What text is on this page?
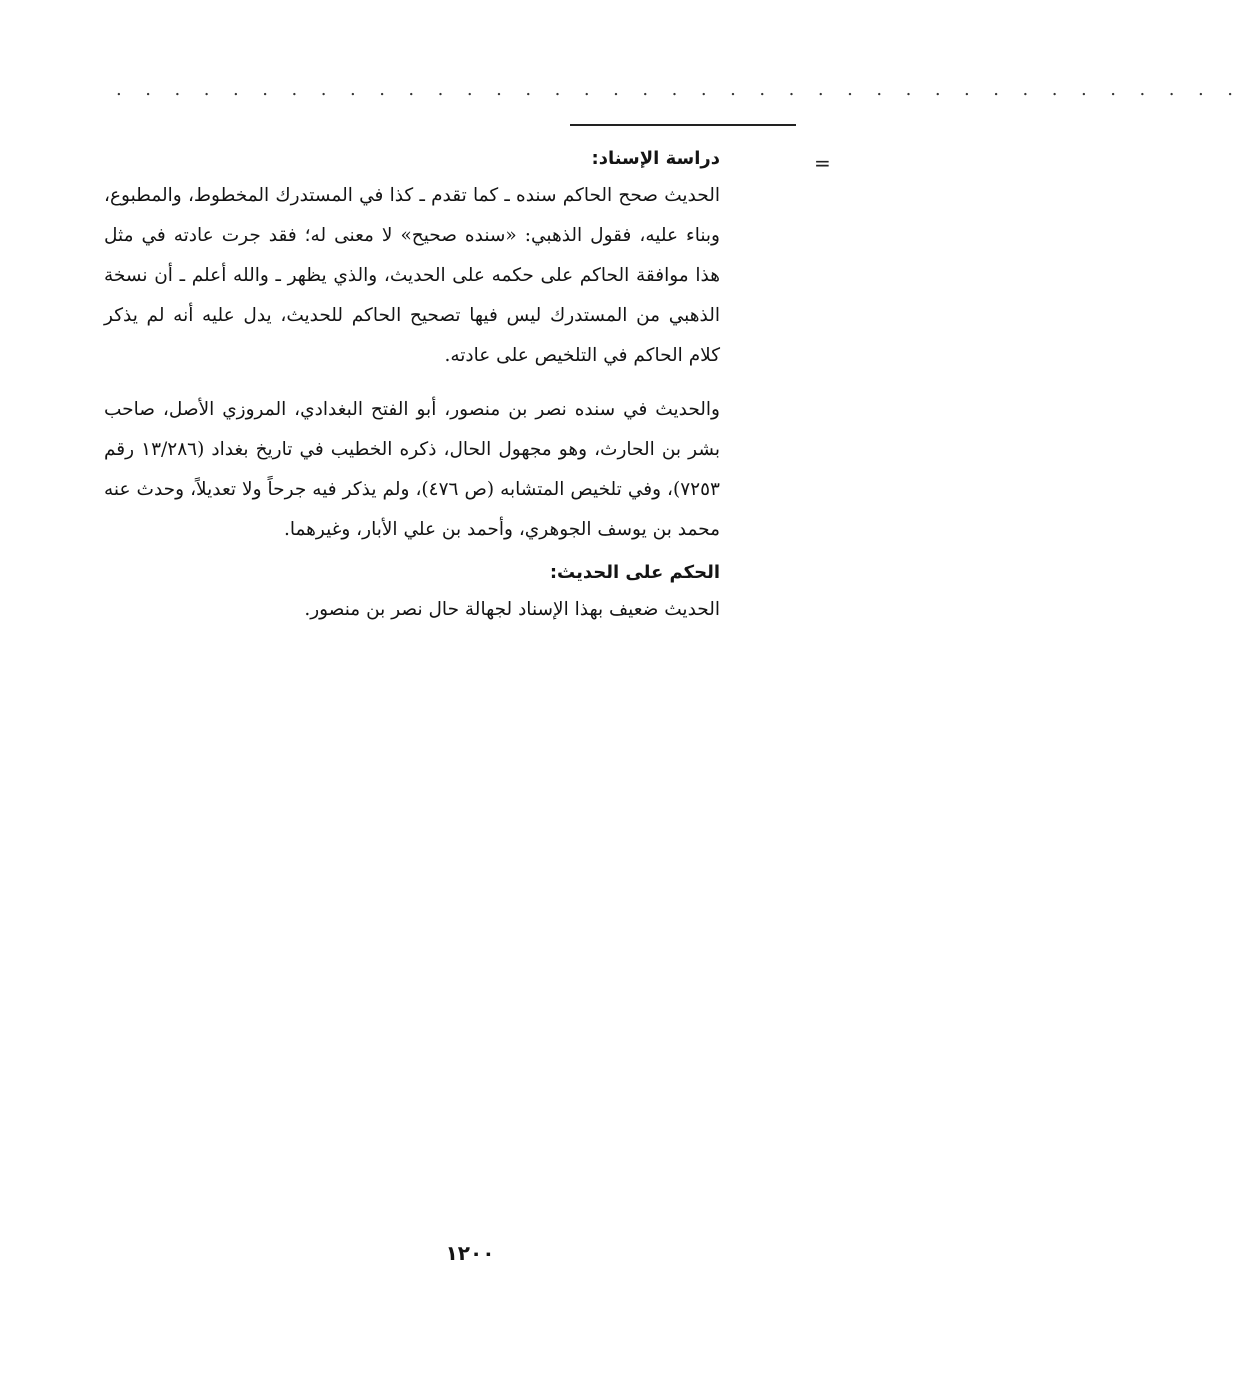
. . . . . . . . . . . . . . . . . . . . . . . . . . . . . . . . . . . . . . .
=

دراسة الإسناد:

الحديث صحح الحاكم سنده ـ كما تقدم ـ كذا في المستدرك المخطوط، والمطبوع، وبناء عليه، فقول الذهبي: «سنده صحيح» لا معنى له؛ فقد جرت عادته في مثل هذا موافقة الحاكم على حكمه على الحديث، والذي يظهر ـ والله أعلم ـ أن نسخة الذهبي من المستدرك ليس فيها تصحيح الحاكم للحديث، يدل عليه أنه لم يذكر كلام الحاكم في التلخيص على عادته.

والحديث في سنده نصر بن منصور، أبو الفتح البغدادي، المروزي الأصل، صاحب بشر بن الحارث، وهو مجهول الحال، ذكره الخطيب في تاريخ بغداد (١٣/٢٨٦ رقم ٧٢٥٣)، وفي تلخيص المتشابه (ص ٤٧٦)، ولم يذكر فيه جرحاً ولا تعديلاً، وحدث عنه محمد بن يوسف الجوهري، وأحمد بن علي الأبار، وغيرهما.

الحكم على الحديث:

الحديث ضعيف بهذا الإسناد لجهالة حال نصر بن منصور.

١٢٠٠
